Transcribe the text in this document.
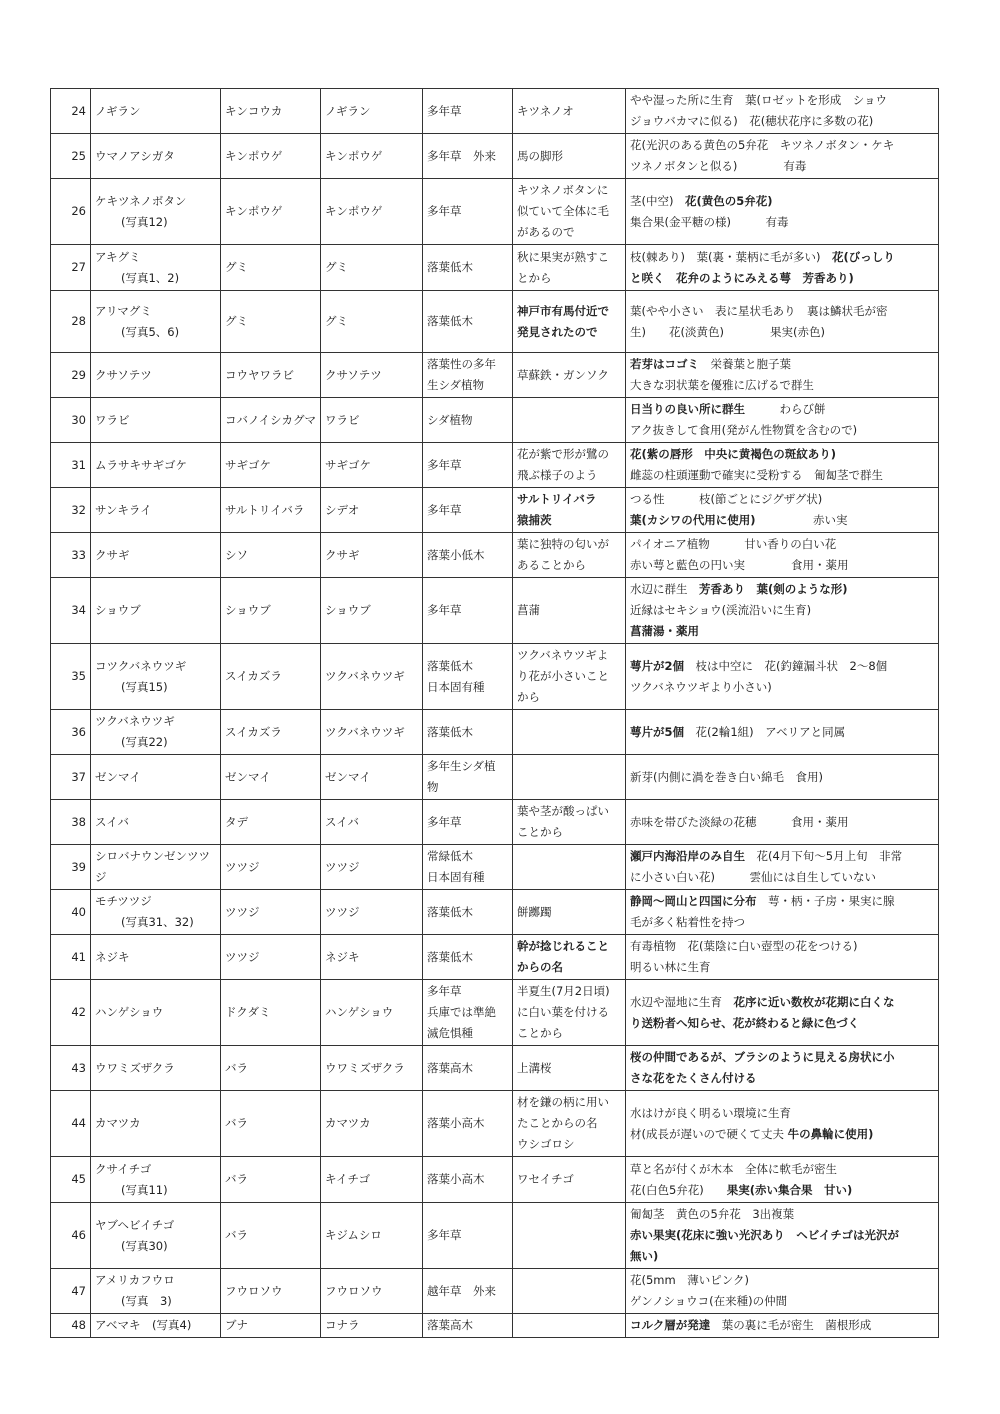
24	ノギラン	キンコウカ	ノギラン	多年草	キツネノオ	やや湿った所に生育　葉(ロゼットを形成　ショウ
ジョウバカマに似る)　花(穂状花序に多数の花)

25	ウマノアシガタ	キンポウゲ	キンポウゲ	多年草　外来	馬の脚形	花(光沢のある黄色の5弁花　キツネノボタン・ケキ
ツネノボタンと似る)　　　　有毒

26	ケキツネノボタン
(写真12)	キンポウゲ	キンポウゲ	多年草	キツネノボタンに
似ていて全体に毛
があるので	茎(中空)　花(黄色の5弁花)
集合果(金平糖の様)　　　有毒

27	アキグミ
(写真1、2)	グミ	グミ	落葉低木	秋に果実が熟すこ
とから	枝(棘あり)　葉(裏・葉柄に毛が多い)　花(びっしり
と咲く　花弁のようにみえる萼　芳香あり)

28	アリマグミ
(写真5、6)	グミ	グミ	落葉低木	神戸市有馬付近で
発見されたので	葉(やや小さい　表に星状毛あり　裏は鱗状毛が密
生)　　花(淡黄色)　　　　果実(赤色)

29	クサソテツ	コウヤワラビ	クサソテツ	落葉性の多年
生シダ植物	草蘇鉄・ガンソク	若芽はコゴミ　栄養葉と胞子葉
大きな羽状葉を優雅に広げるで群生

30	ワラビ	コバノイシカグマ	ワラビ	シダ植物		日当りの良い所に群生　　　わらび餅
アク抜きして食用(発がん性物質を含むので)

31	ムラサキサギゴケ	サギゴケ	サギゴケ	多年草	花が紫で形が鷺の
飛ぶ様子のよう	花(紫の唇形　中央に黄褐色の斑紋あり)
雌蕊の柱頭運動で確実に受粉する　匍匐茎で群生

32	サンキライ	サルトリイバラ	シデオ	多年草	サルトリイバラ
猿捕茨	つる性　　　枝(節ごとにジグザグ状)
葉(カシワの代用に使用)　　　　　赤い実

33	クサギ	シソ	クサギ	落葉小低木	葉に独特の匂いが
あることから	パイオニア植物　　　甘い香りの白い花
赤い萼と藍色の円い実　　　　食用・薬用

34	ショウブ	ショウブ	ショウブ	多年草	菖蒲	水辺に群生　芳香あり　葉(剣のような形)
近縁はセキショウ(渓流沿いに生育)
菖蒲湯・薬用

35	コツクバネウツギ
(写真15)	スイカズラ	ツクバネウツギ	落葉低木
日本固有種	ツクバネウツギよ
り花が小さいこと
から	萼片が2個　枝は中空に　花(釣鐘漏斗状　2～8個
ツクバネウツギより小さい)

36	ツクバネウツギ
(写真22)	スイカズラ	ツクバネウツギ	落葉低木		萼片が5個　花(2輪1組)　アベリアと同属

37	ゼンマイ	ゼンマイ	ゼンマイ	多年生シダ植
物		新芽(内側に渦を巻き白い綿毛　食用)

38	スイバ	タデ	スイバ	多年草	葉や茎が酸っぱい
ことから	赤味を帯びた淡緑の花穂　　　食用・薬用

39	シロバナウンゼンツツジ	ツツジ	ツツジ	常緑低木
日本固有種		瀬戸内海沿岸のみ自生　花(4月下旬～5月上旬　非常
に小さい白い花)　　　雲仙には自生していない

40	モチツツジ
(写真31、32)	ツツジ	ツツジ	落葉低木	餅躑躅	静岡～岡山と四国に分布　萼・柄・子房・果実に腺
毛が多く粘着性を持つ

41	ネジキ	ツツジ	ネジキ	落葉低木	幹が捻じれること
からの名	有毒植物　花(葉陰に白い壺型の花をつける)
明るい林に生育

42	ハンゲショウ	ドクダミ	ハンゲショウ	多年草
兵庫では準絶
滅危惧種	半夏生(7月2日頃)
に白い葉を付ける
ことから	水辺や湿地に生育　花序に近い数枚が花期に白くな
り送粉者へ知らせ、花が終わると緑に色づく

43	ウワミズザクラ	バラ	ウワミズザクラ	落葉高木	上溝桜	桜の仲間であるが、ブラシのように見える房状に小
さな花をたくさん付ける

44	カマツカ	バラ	カマツカ	落葉小高木	材を鎌の柄に用い
たことからの名
ウシゴロシ	水はけが良く明るい環境に生育
材(成長が遅いので硬くて丈夫 牛の鼻輪に使用)

45	クサイチゴ
(写真11)	バラ	キイチゴ	落葉小高木	ワセイチゴ	草と名が付くが木本　全体に軟毛が密生
花(白色5弁花)　　果実(赤い集合果　甘い)

46	ヤブヘビイチゴ
(写真30)	バラ	キジムシロ	多年草		匍匐茎　黄色の5弁花　3出複葉
赤い果実(花床に強い光沢あり　ヘビイチゴは光沢が
無い)

47	アメリカフウロ
(写真　3)	フウロソウ	フウロソウ	越年草　外来		花(5mm　薄いピンク)
ゲンノショウコ(在来種)の仲間

48	アベマキ　(写真4)	ブナ	コナラ	落葉高木		コルク層が発達　葉の裏に毛が密生　菌根形成
